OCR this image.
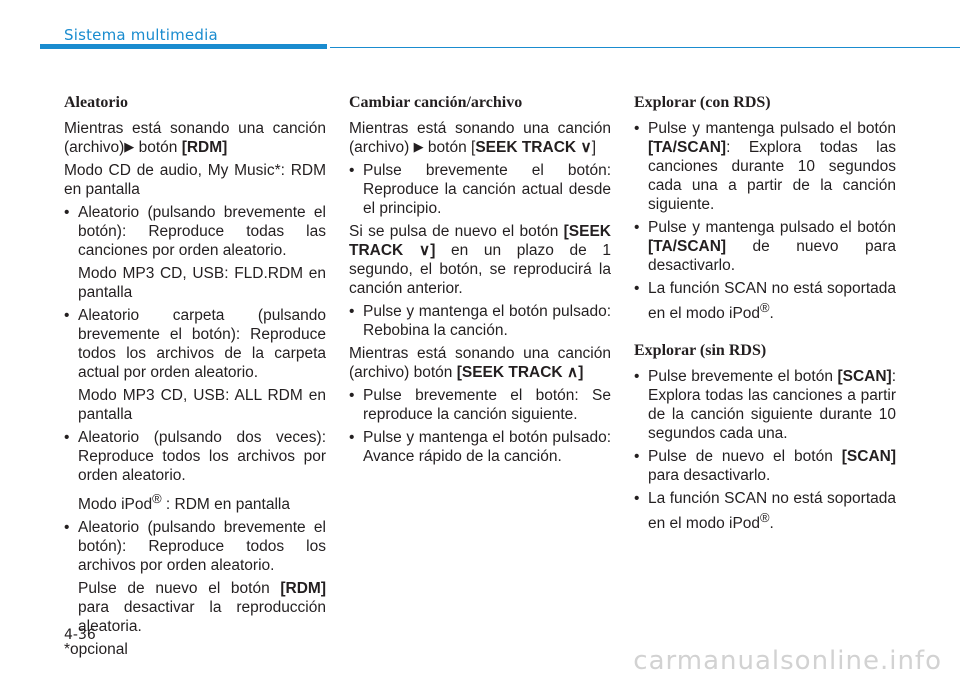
Sistema multimedia
Aleatorio

Mientras está sonando una canción (archivo)▶ botón [RDM]

Modo CD de audio, My Music*: RDM en pantalla

• Aleatorio (pulsando brevemente el botón): Reproduce todas las canciones por orden aleatorio.
Modo MP3 CD, USB: FLD.RDM en pantalla
• Aleatorio carpeta (pulsando brevemente el botón): Reproduce todos los archivos de la carpeta actual por orden aleatorio.
Modo MP3 CD, USB: ALL RDM en pantalla
• Aleatorio (pulsando dos veces): Reproduce todos los archivos por orden aleatorio.
Modo iPod® : RDM en pantalla
• Aleatorio (pulsando brevemente el botón): Reproduce todos los archivos por orden aleatorio.
Pulse de nuevo el botón [RDM] para desactivar la reproducción aleatoria.

*opcional

Cambiar canción/archivo

Mientras está sonando una canción (archivo) ▶ botón [SEEK TRACK ∨]

• Pulse brevemente el botón: Reproduce la canción actual desde el principio.

Si se pulsa de nuevo el botón [SEEK TRACK ∨] en un plazo de 1 segundo, el botón, se reproducirá la canción anterior.

• Pulse y mantenga el botón pulsado: Rebobina la canción.

Mientras está sonando una canción (archivo) botón [SEEK TRACK ∧]

• Pulse brevemente el botón: Se reproduce la canción siguiente.
• Pulse y mantenga el botón pulsado: Avance rápido de la canción.
Explorar (con RDS)
• Pulse y mantenga pulsado el botón [TA/SCAN]: Explora todas las canciones durante 10 segundos cada una a partir de la canción siguiente.
• Pulse y mantenga pulsado el botón [TA/SCAN] de nuevo para desactivarlo.
• La función SCAN no está soportada en el modo iPod®.
Explorar (sin RDS)
• Pulse brevemente el botón [SCAN]: Explora todas las canciones a partir de la canción siguiente durante 10 segundos cada una.
• Pulse de nuevo el botón [SCAN] para desactivarlo.
• La función SCAN no está soportada en el modo iPod®.
4-36
carmanualsonline.info
